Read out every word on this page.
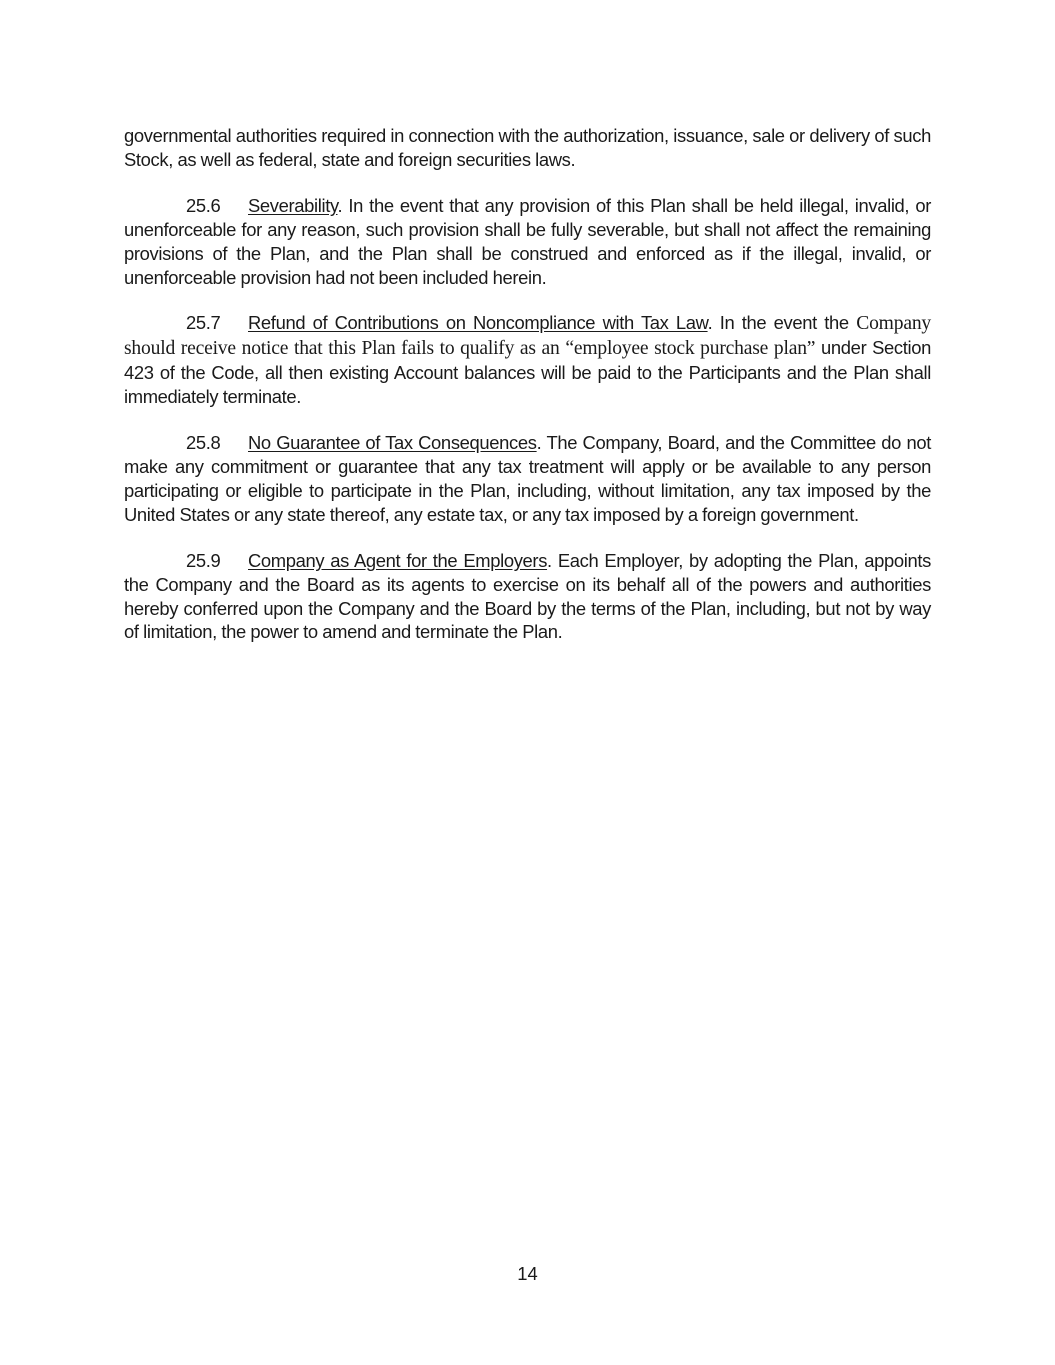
governmental authorities required in connection with the authorization, issuance, sale or delivery of such Stock, as well as federal, state and foreign securities laws.

25.6 Severability. In the event that any provision of this Plan shall be held illegal, invalid, or unenforceable for any reason, such provision shall be fully severable, but shall not affect the remaining provisions of the Plan, and the Plan shall be construed and enforced as if the illegal, invalid, or unenforceable provision had not been included herein.

25.7 Refund of Contributions on Noncompliance with Tax Law. In the event the Company should receive notice that this Plan fails to qualify as an “employee stock purchase plan” under Section 423 of the Code, all then existing Account balances will be paid to the Participants and the Plan shall immediately terminate.

25.8 No Guarantee of Tax Consequences. The Company, Board, and the Committee do not make any commitment or guarantee that any tax treatment will apply or be available to any person participating or eligible to participate in the Plan, including, without limitation, any tax imposed by the United States or any state thereof, any estate tax, or any tax imposed by a foreign government.

25.9 Company as Agent for the Employers. Each Employer, by adopting the Plan, appoints the Company and the Board as its agents to exercise on its behalf all of the powers and authorities hereby conferred upon the Company and the Board by the terms of the Plan, including, but not by way of limitation, the power to amend and terminate the Plan.

14
